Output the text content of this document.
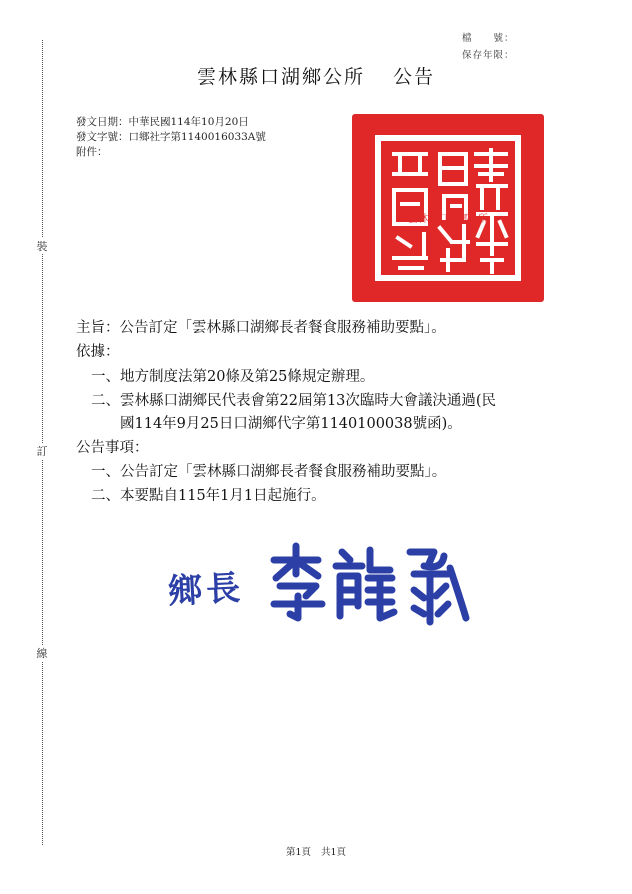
裝
訂
線
檔　　號：
保存年限：
雲林縣口湖鄉公所 公告
發文日期：中華民國114年10月20日
發文字號：口鄉社字第1140016033A號
附件：
雲林縣口湖鄉公所
主旨：公告訂定「雲林縣口湖鄉長者餐食服務補助要點」。
依據：
一、地方制度法第20條及第25條規定辦理。
二、雲林縣口湖鄉民代表會第22屆第13次臨時大會議決通過(民
國114年9月25日口湖鄉代字第1140100038號函)。
公告事項：
一、公告訂定「雲林縣口湖鄉長者餐食服務補助要點」。
二、本要點自115年1月1日起施行。
鄉長
第1頁 共1頁
